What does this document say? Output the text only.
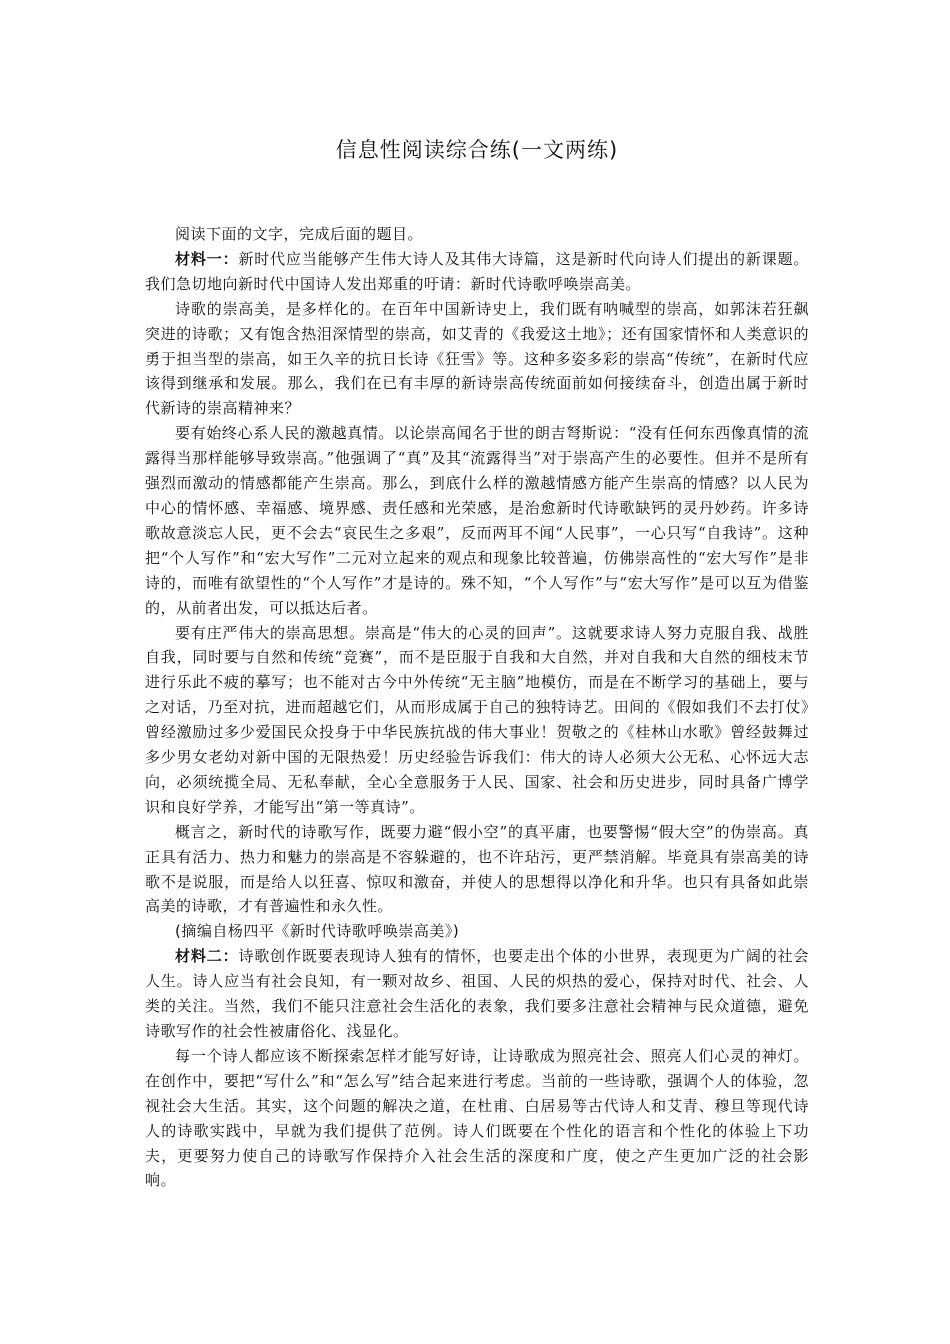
信息性阅读综合练(一文两练)

阅读下面的文字，完成后面的题目。

材料一：新时代应当能够产生伟大诗人及其伟大诗篇，这是新时代向诗人们提出的新课题。我们急切地向新时代中国诗人发出郑重的吁请：新时代诗歌呼唤崇高美。

诗歌的崇高美，是多样化的。在百年中国新诗史上，我们既有呐喊型的崇高，如郭沫若狂飙突进的诗歌；又有饱含热泪深情型的崇高，如艾青的《我爱这土地》；还有国家情怀和人类意识的勇于担当型的崇高，如王久辛的抗日长诗《狂雪》等。这种多姿多彩的崇高“传统”，在新时代应该得到继承和发展。那么，我们在已有丰厚的新诗崇高传统面前如何接续奋斗，创造出属于新时代新诗的崇高精神来？

要有始终心系人民的激越真情。以论崇高闻名于世的朗吉弩斯说：“没有任何东西像真情的流露得当那样能够导致崇高。”他强调了“真”及其“流露得当”对于崇高产生的必要性。但并不是所有强烈而激动的情感都能产生崇高。那么，到底什么样的激越情感方能产生崇高的情感？以人民为中心的情怀感、幸福感、境界感、责任感和光荣感，是治愈新时代诗歌缺钙的灵丹妙药。许多诗歌故意淡忘人民，更不会去“哀民生之多艰”，反而两耳不闻“人民事”，一心只写“自我诗”。这种把“个人写作”和“宏大写作”二元对立起来的观点和现象比较普遍，仿佛崇高性的“宏大写作”是非诗的，而唯有欲望性的“个人写作”才是诗的。殊不知，“个人写作”与“宏大写作”是可以互为借鉴的，从前者出发，可以抵达后者。

要有庄严伟大的崇高思想。崇高是“伟大的心灵的回声”。这就要求诗人努力克服自我、战胜自我，同时要与自然和传统“竞赛”，而不是臣服于自我和大自然，并对自我和大自然的细枝末节进行乐此不疲的摹写；也不能对古今中外传统“无主脑”地模仿，而是在不断学习的基础上，要与之对话，乃至对抗，进而超越它们，从而形成属于自己的独特诗艺。田间的《假如我们不去打仗》曾经激励过多少爱国民众投身于中华民族抗战的伟大事业！贺敬之的《桂林山水歌》曾经鼓舞过多少男女老幼对新中国的无限热爱！历史经验告诉我们：伟大的诗人必须大公无私、心怀远大志向，必须统揽全局、无私奉献，全心全意服务于人民、国家、社会和历史进步，同时具备广博学识和良好学养，才能写出“第一等真诗”。

概言之，新时代的诗歌写作，既要力避“假小空”的真平庸，也要警惕“假大空”的伪崇高。真正具有活力、热力和魅力的崇高是不容躲避的，也不许玷污，更严禁消解。毕竟具有崇高美的诗歌不是说服，而是给人以狂喜、惊叹和激奋，并使人的思想得以净化和升华。也只有具备如此崇高美的诗歌，才有普遍性和永久性。

(摘编自杨四平《新时代诗歌呼唤崇高美》)

材料二：诗歌创作既要表现诗人独有的情怀，也要走出个体的小世界，表现更为广阔的社会人生。诗人应当有社会良知，有一颗对故乡、祖国、人民的炽热的爱心，保持对时代、社会、人类的关注。当然，我们不能只注意社会生活化的表象，我们要多注意社会精神与民众道德，避免诗歌写作的社会性被庸俗化、浅显化。

每一个诗人都应该不断探索怎样才能写好诗，让诗歌成为照亮社会、照亮人们心灵的神灯。在创作中，要把“写什么”和“怎么写”结合起来进行考虑。当前的一些诗歌，强调个人的体验，忽视社会大生活。其实，这个问题的解决之道，在杜甫、白居易等古代诗人和艾青、穆旦等现代诗人的诗歌实践中，早就为我们提供了范例。诗人们既要在个性化的语言和个性化的体验上下功夫，更要努力使自己的诗歌写作保持介入社会生活的深度和广度，使之产生更加广泛的社会影响。
